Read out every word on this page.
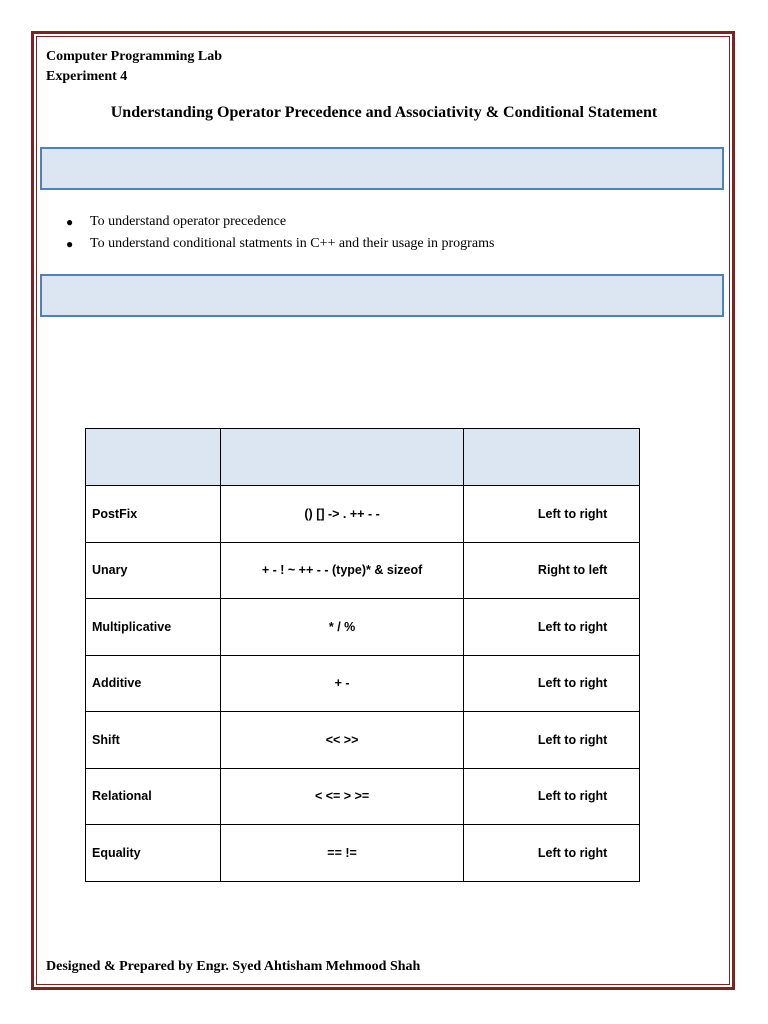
Computer Programming Lab
Experiment 4
Understanding Operator Precedence and Associativity & Conditional Statement
● To understand operator precedence
● To understand conditional statments in C++ and their usage in programs

PostFix	() [] -> . ++ - -	Left to right
Unary	+ - ! ~ ++ - - (type)* & sizeof	Right to left
Multiplicative	* / %	Left to right
Additive	+ -	Left to right
Shift	<< >>	Left to right
Relational	< <= > >=	Left to right
Equality	== !=	Left to right
Designed & Prepared by Engr. Syed Ahtisham Mehmood Shah
